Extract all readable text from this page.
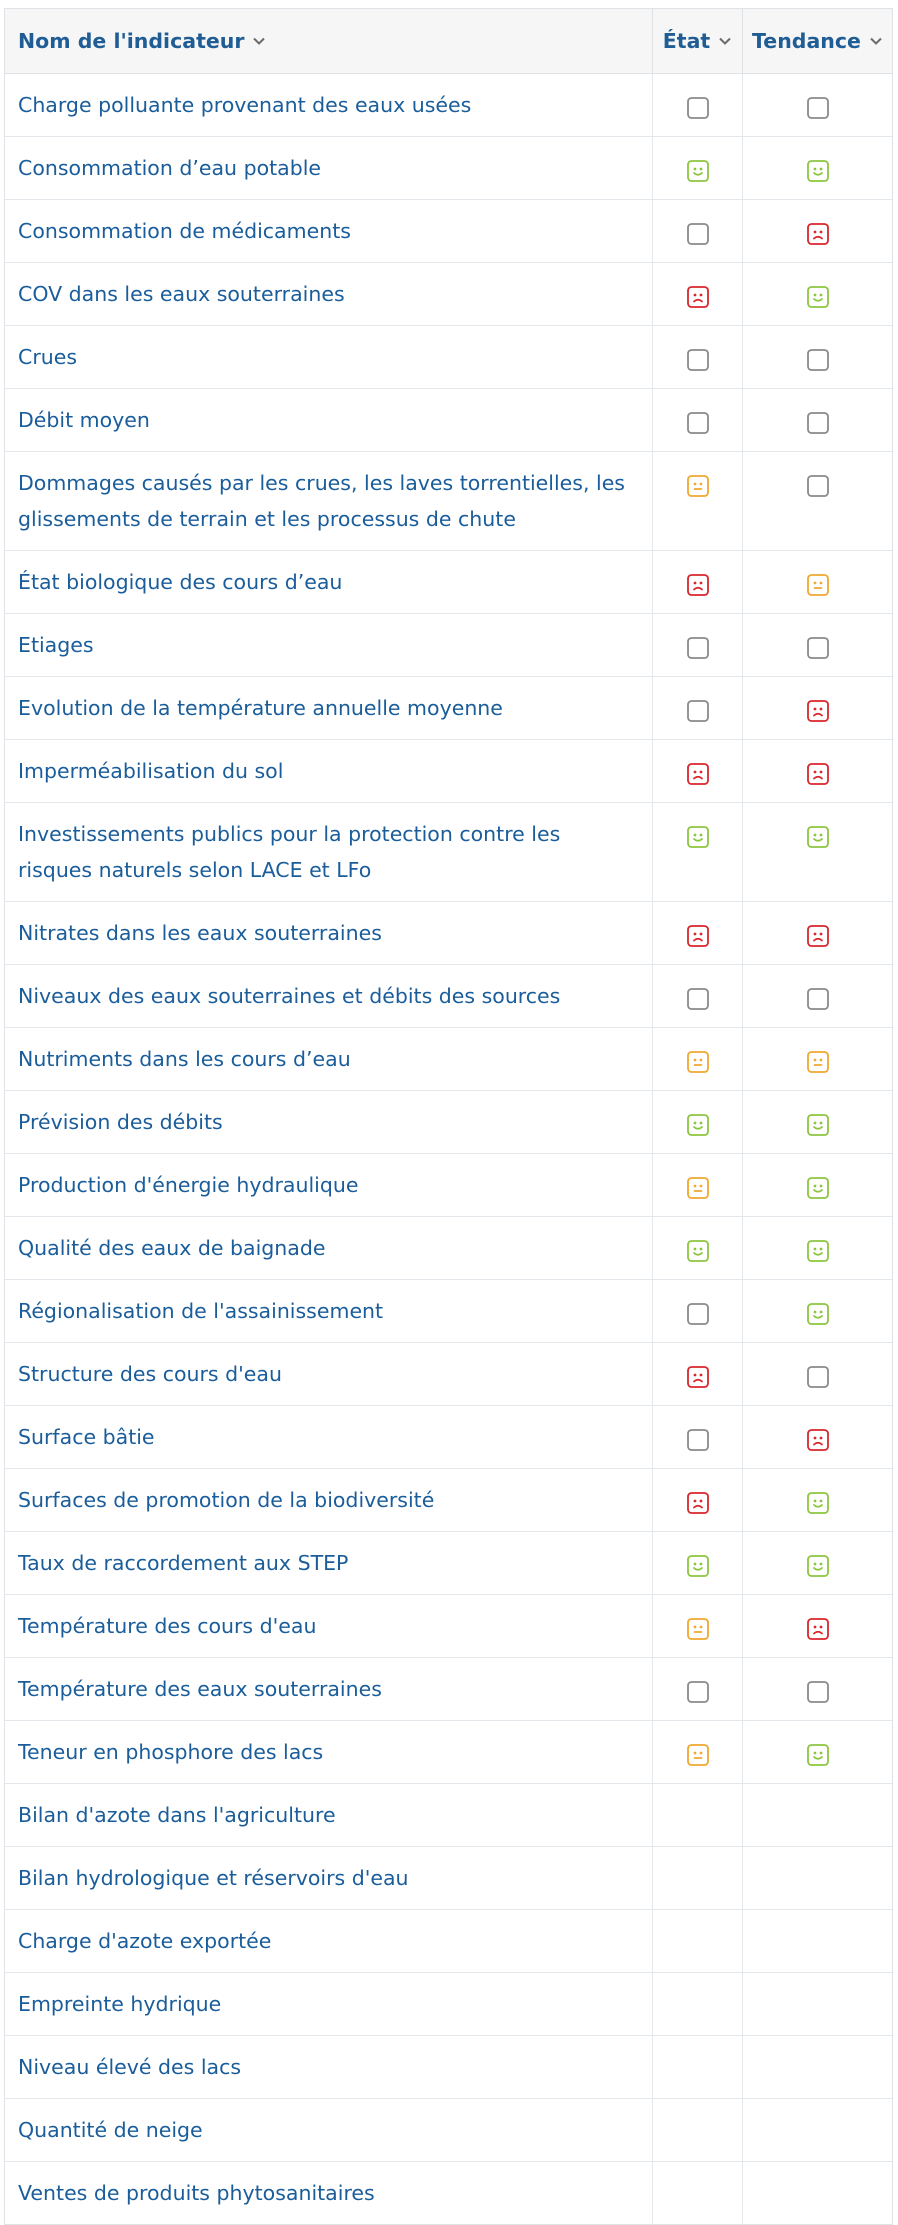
Nom de l'indicateur	État Tendance
Charge polluante provenant des eaux usées
Consommation d’eau potable
Consommation de médicaments
COV dans les eaux souterraines
Crues
Débit moyen
Dommages causés par les crues, les laves torrentielles, les glissements de terrain et les processus de chute
État biologique des cours d’eau
Etiages
Evolution de la température annuelle moyenne
Imperméabilisation du sol
Investissements publics pour la protection contre les risques naturels selon LACE et LFo
Nitrates dans les eaux souterraines
Niveaux des eaux souterraines et débits des sources
Nutriments dans les cours d’eau
Prévision des débits
Production d'énergie hydraulique
Qualité des eaux de baignade
Régionalisation de l'assainissement
Structure des cours d'eau
Surface bâtie
Surfaces de promotion de la biodiversité
Taux de raccordement aux STEP
Température des cours d'eau
Température des eaux souterraines
Teneur en phosphore des lacs
Bilan d'azote dans l'agriculture
Bilan hydrologique et réservoirs d'eau
Charge d'azote exportée
Empreinte hydrique
Niveau élevé des lacs
Quantité de neige
Ventes de produits phytosanitaires
